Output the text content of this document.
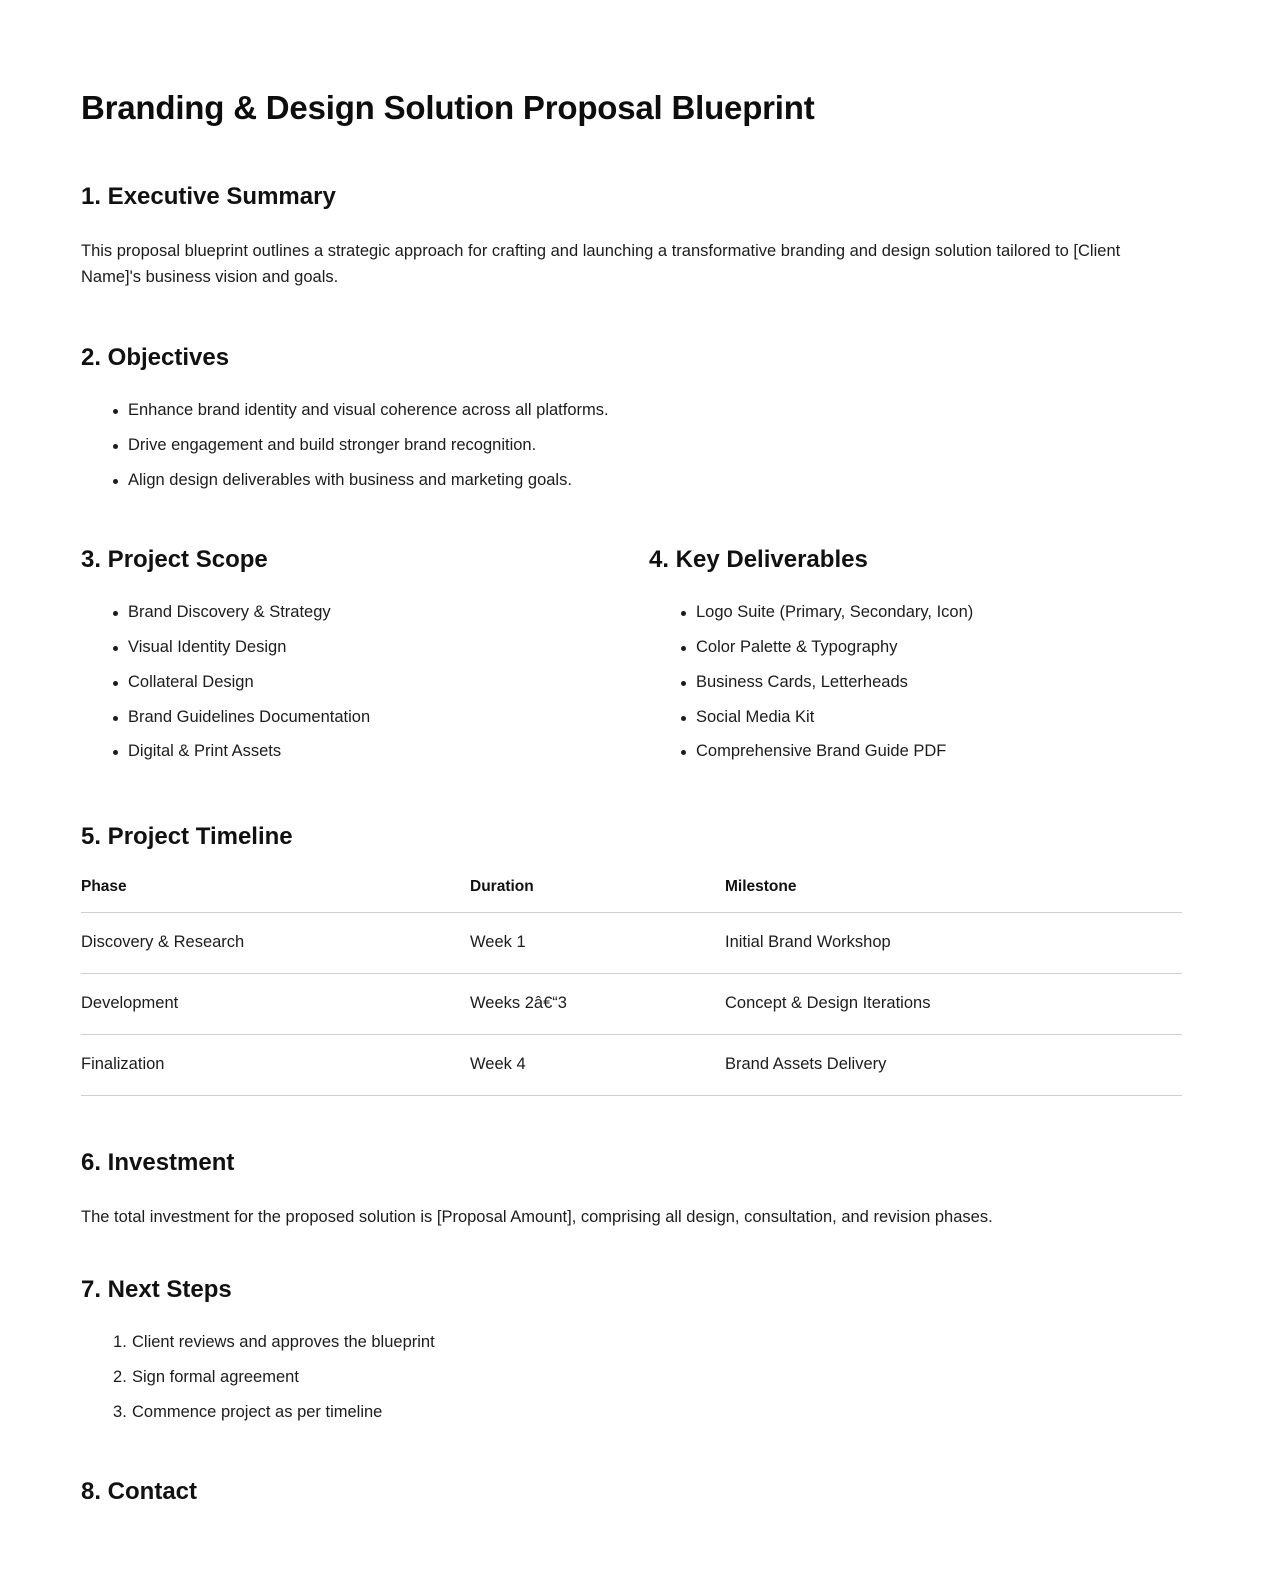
Branding & Design Solution Proposal Blueprint
1. Executive Summary

This proposal blueprint outlines a strategic approach for crafting and launching a transformative branding and design solution tailored to [Client Name]'s business vision and goals.

2. Objectives
Enhance brand identity and visual coherence across all platforms.
Drive engagement and build stronger brand recognition.
Align design deliverables with business and marketing goals.
3. Project Scope
Brand Discovery & Strategy
Visual Identity Design
Collateral Design
Brand Guidelines Documentation
Digital & Print Assets
4. Key Deliverables
Logo Suite (Primary, Secondary, Icon)
Color Palette & Typography
Business Cards, Letterheads
Social Media Kit
Comprehensive Brand Guide PDF
5. Project Timeline
Phase	Duration	Milestone
Discovery & Research	Week 1	Initial Brand Workshop
Development	Weeks 2â€“3	Concept & Design Iterations
Finalization	Week 4	Brand Assets Delivery
6. Investment

The total investment for the proposed solution is [Proposal Amount], comprising all design, consultation, and revision phases.

7. Next Steps
Client reviews and approves the blueprint
Sign formal agreement
Commence project as per timeline
8. Contact
